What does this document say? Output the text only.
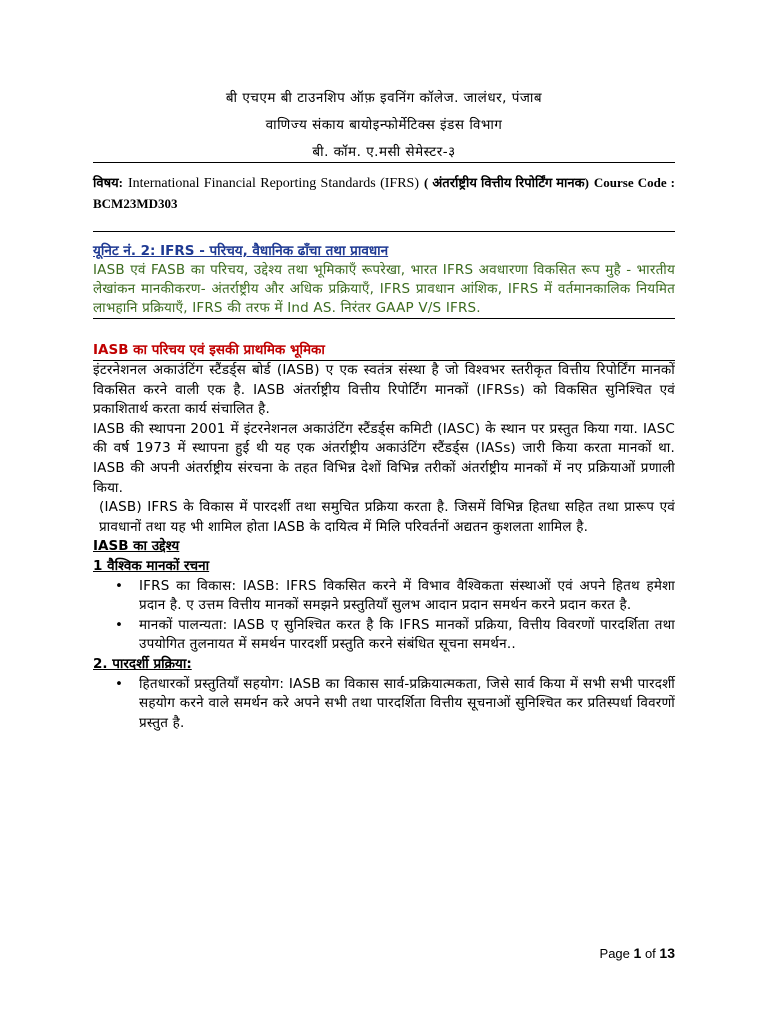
बी एचएम बी टाउनशिप ऑफ़ इवनिंग कॉलेज. जालंधर, पंजाब

वाणिज्य संकाय बायोइन्फोर्मेटिक्स इंडस विभाग

बी. कॉम. ए.मसी सेमेस्टर-३

विषय: International Financial Reporting Standards (IFRS) ( अंतर्राष्ट्रीय वित्तीय रिपोर्टिंग मानक) Course Code : BCM23MD303
यूनिट नं. 2: IFRS - परिचय, वैधानिक ढाँचा तथा प्रावधान
IASB एवं FASB का परिचय, उद्देश्य तथा भूमिकाएँ रूपरेखा, भारत IFRS अवधारणा विकसित रूप मुहै - भारतीय लेखांकन मानकीकरण- अंतर्राष्ट्रीय और अधिक प्रक्रियाएँ, IFRS प्रावधान आंशिक, IFRS में वर्तमानकालिक नियमित लाभहानि प्रक्रियाएँ, IFRS की तरफ में Ind AS. निरंतर GAAP V/S IFRS.
IASB का परिचय एवं इसकी प्राथमिक भूमिका

इंटरनेशनल अकाउंटिंग स्टैंडर्ड्स बोर्ड (IASB) ए एक स्वतंत्र संस्था है जो विश्वभर स्तरीकृत वित्तीय रिपोर्टिंग मानकों विकसित करने वाली एक है. IASB अंतर्राष्ट्रीय वित्तीय रिपोर्टिंग मानकों (IFRSs) को विकसित सुनिश्चित एवं प्रकाशितार्थ करता कार्य संचालित है.

IASB की स्थापना 2001 में इंटरनेशनल अकाउंटिंग स्टैंडर्ड्स कमिटी (IASC) के स्थान पर प्रस्तुत किया गया. IASC की वर्ष 1973 में स्थापना हुई थी यह एक अंतर्राष्ट्रीय अकाउंटिंग स्टैंडर्ड्स (IASs) जारी किया करता मानकों था. IASB की अपनी अंतर्राष्ट्रीय संरचना के तहत विभिन्न देशों विभिन्न तरीकों अंतर्राष्ट्रीय मानकों में नए प्रक्रियाओं प्रणाली किया.

(IASB) IFRS के विकास में पारदर्शी तथा समुचित प्रक्रिया करता है. जिसमें विभिन्न हितधा सहित तथा प्रारूप एवं प्रावधानों तथा यह भी शामिल होता IASB के दायित्व में मिलि परिवर्तनों अद्यतन कुशलता शामिल है.

IASB का उद्देश्य
1 वैश्विक मानकों रचना
• IFRS का विकास: IASB: IFRS विकसित करने में विभाव वैश्विकता संस्थाओं एवं अपने हितथ हमेशा प्रदान है. ए उत्तम वित्तीय मानकों समझने प्रस्तुतियाँ सुलभ आदान प्रदान समर्थन करने प्रदान करत है.
• मानकों पालन्यता: IASB ए सुनिश्चित करत है कि IFRS मानकों प्रक्रिया, वित्तीय विवरणों पारदर्शिता तथा उपयोगित तुलनायत में समर्थन पारदर्शी प्रस्तुति करने संबंधित सूचना समर्थन..
2. पारदर्शी प्रक्रिया:
• हितधारकों प्रस्तुतियाँ सहयोग: IASB का विकास सार्व-प्रक्रियात्मकता, जिसे सार्व किया में सभी सभी पारदर्शी सहयोग करने वाले समर्थन करे अपने सभी तथा पारदर्शिता वित्तीय सूचनाओं सुनिश्चित कर प्रतिस्पर्धा विवरणों प्रस्तुत है.
Page 1 of 13
